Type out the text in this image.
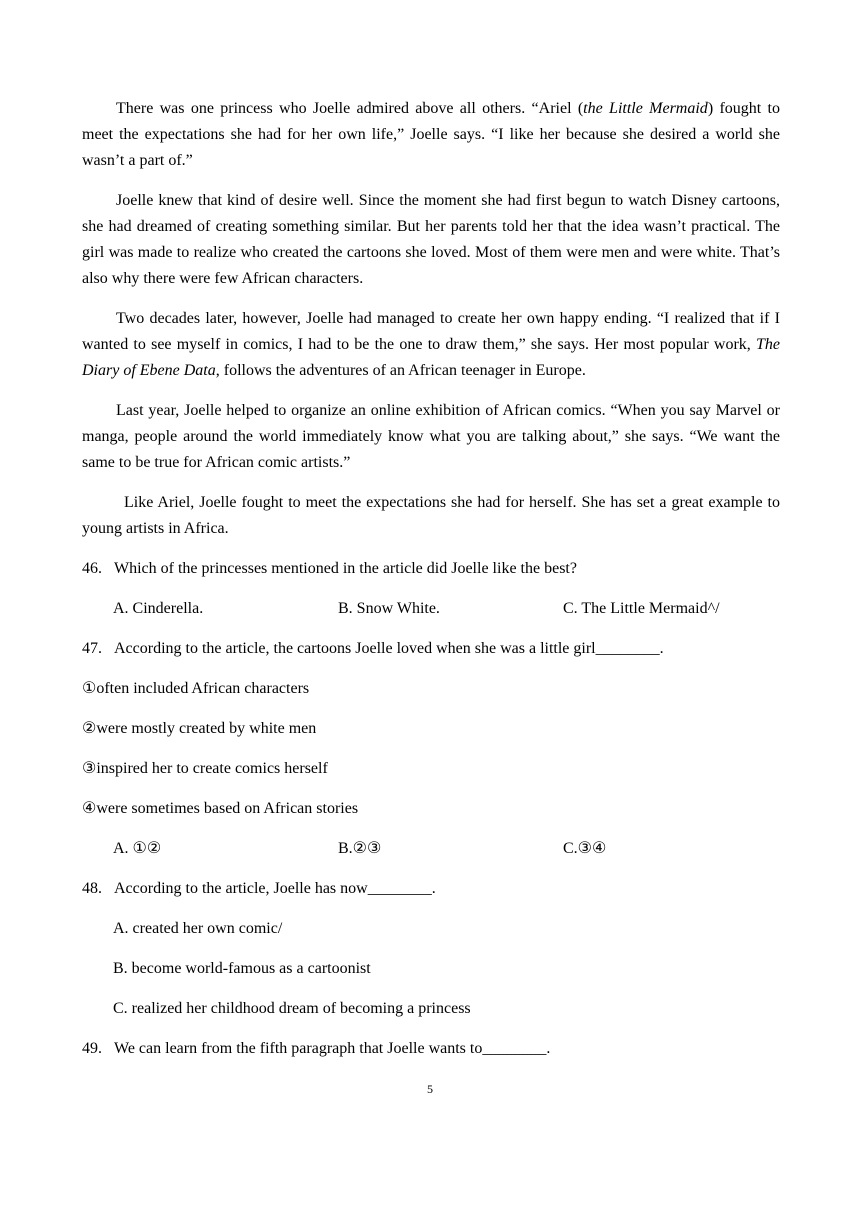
There was one princess who Joelle admired above all others. “Ariel (the Little Mermaid) fought to meet the expectations she had for her own life,” Joelle says. “I like her because she desired a world she wasn’t a part of.”

Joelle knew that kind of desire well. Since the moment she had first begun to watch Disney cartoons, she had dreamed of creating something similar. But her parents told her that the idea wasn’t practical. The girl was made to realize who created the cartoons she loved. Most of them were men and were white. That’s also why there were few African characters.

Two decades later, however, Joelle had managed to create her own happy ending. “I realized that if I wanted to see myself in comics, I had to be the one to draw them,” she says. Her most popular work, The Diary of Ebene Data, follows the adventures of an African teenager in Europe.

Last year, Joelle helped to organize an online exhibition of African comics. “When you say Marvel or manga, people around the world immediately know what you are talking about,” she says. “We want the same to be true for African comic artists.”

Like Ariel, Joelle fought to meet the expectations she had for herself. She has set a great example to young artists in Africa.

46. Which of the princesses mentioned in the article did Joelle like the best?
A. Cinderella.	B. Snow White.	C. The Little Mermaid^/
47. According to the article, the cartoons Joelle loved when she was a little girl________.
①often included African characters
②were mostly created by white men
③inspired her to create comics herself
④were sometimes based on African stories
A. ①②	B.②③	C.③④
48. According to the article, Joelle has now________.
A. created her own comic/
B. become world-famous as a cartoonist
C. realized her childhood dream of becoming a princess
49. We can learn from the fifth paragraph that Joelle wants to________.
5
